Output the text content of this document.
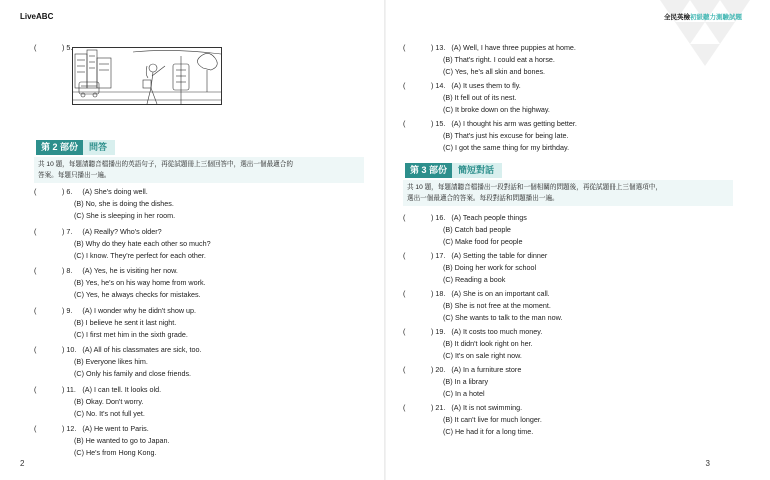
LiveABC
(	) 5.
第 2 部份	問答
共 10 題，每題請聽音檔播出的英語句子，再從試題冊上三個回答中，選出一個最適合的
答案。每題只播出一遍。
(	) 6.	(A) She's doing well.
(B) No, she is doing the dishes.
(C) She is sleeping in her room.
(	) 7.	(A) Really? Who's older?
(B) Why do they hate each other so much?
(C) I know. They're perfect for each other.
(	) 8.	(A) Yes, he is visiting her now.
(B) Yes, he's on his way home from work.
(C) Yes, he always checks for mistakes.
(	) 9.	(A) I wonder why he didn't show up.
(B) I believe he sent it last night.
(C) I first met him in the sixth grade.
(	) 10. (A) All of his classmates are sick, too.
(B) Everyone likes him.
(C) Only his family and close friends.
(	) 11. (A) I can tell. It looks old.
(B) Okay. Don't worry.
(C) No. It's not full yet.
(	) 12. (A) He went to Paris.
(B) He wanted to go to Japan.
(C) He's from Hong Kong.
2
全民英檢初級聽力測驗試題
(	) 13. (A) Well, I have three puppies at home.
(B) That's right. I could eat a horse.
(C) Yes, he's all skin and bones.
(	) 14. (A) It uses them to fly.
(B) It fell out of its nest.
(C) It broke down on the highway.
(	) 15. (A) I thought his arm was getting better.
(B) That's just his excuse for being late.
(C) I got the same thing for my birthday.
第 3 部份	簡短對話
共 10 題，每題請聽音檔播出一段對話和一個相關的問題後，再從試題冊上三個選項中，
選出一個最適合的答案。每段對話和問題播出一遍。
(	) 16. (A) Teach people things
(B) Catch bad people
(C) Make food for people
(	) 17. (A) Setting the table for dinner
(B) Doing her work for school
(C) Reading a book
(	) 18. (A) She is on an important call.
(B) She is not free at the moment.
(C) She wants to talk to the man now.
(	) 19. (A) It costs too much money.
(B) It didn't look right on her.
(C) It's on sale right now.
(	) 20. (A) In a furniture store
(B) In a library
(C) In a hotel
(	) 21. (A) It is not swimming.
(B) It can't live for much longer.
(C) He had it for a long time.
3
